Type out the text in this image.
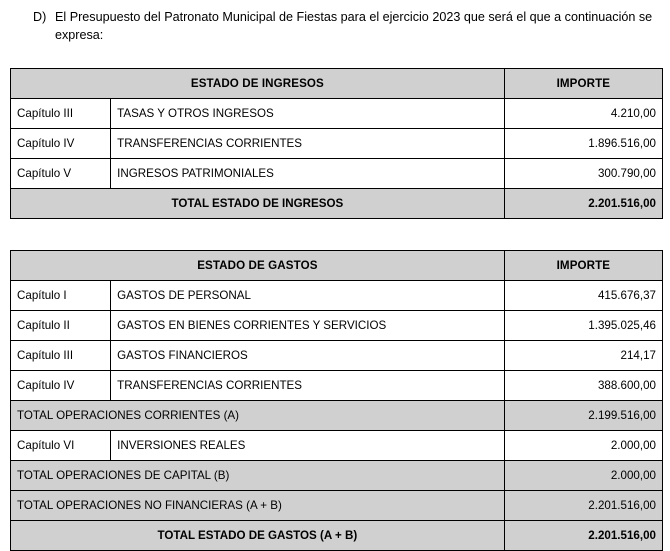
D) El Presupuesto del Patronato Municipal de Fiestas para el ejercicio 2023 que será el que a continuación se expresa:
ESTADO DE INGRESOS		IMPORTE
Capítulo III	TASAS Y OTROS INGRESOS	4.210,00
Capítulo IV	TRANSFERENCIAS CORRIENTES	1.896.516,00
Capítulo V	INGRESOS PATRIMONIALES	300.790,00
TOTAL ESTADO DE INGRESOS		2.201.516,00
ESTADO DE GASTOS		IMPORTE
Capítulo I	GASTOS DE PERSONAL	415.676,37
Capítulo II	GASTOS EN BIENES CORRIENTES Y SERVICIOS	1.395.025,46
Capítulo III	GASTOS FINANCIEROS	214,17
Capítulo IV	TRANSFERENCIAS CORRIENTES	388.600,00
TOTAL OPERACIONES CORRIENTES (A)		2.199.516,00
Capítulo VI	INVERSIONES REALES	2.000,00
TOTAL OPERACIONES DE CAPITAL (B)		2.000,00
TOTAL OPERACIONES NO FINANCIERAS (A + B)		2.201.516,00
TOTAL ESTADO DE GASTOS (A + B)		2.201.516,00
